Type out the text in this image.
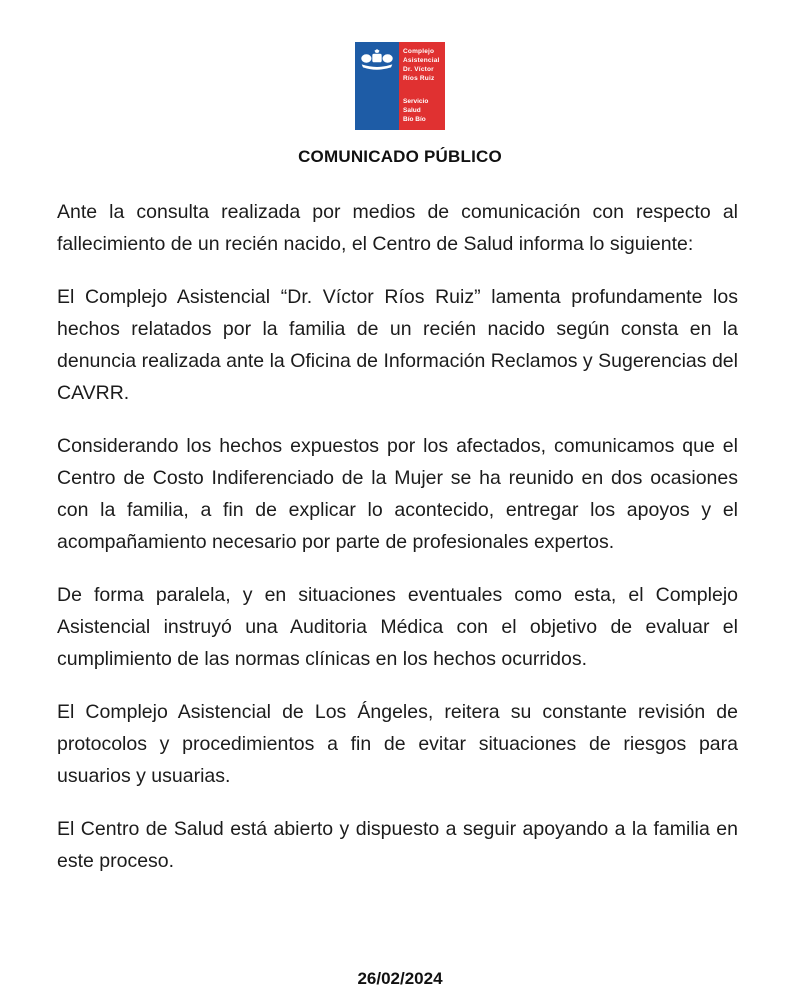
Complejo
Asistencial
Dr. Víctor
Ríos Ruiz
Servicio Salud
Bío Bío
COMUNICADO PÚBLICO

Ante la consulta realizada por medios de comunicación con respecto al fallecimiento de un recién nacido, el Centro de Salud informa lo siguiente:

El Complejo Asistencial “Dr. Víctor Ríos Ruiz” lamenta profundamente los hechos relatados por la familia de un recién nacido según consta en la denuncia realizada ante la Oficina de Información Reclamos y Sugerencias del CAVRR.

Considerando los hechos expuestos por los afectados, comunicamos que el Centro de Costo Indiferenciado de la Mujer se ha reunido en dos ocasiones con la familia, a fin de explicar lo acontecido, entregar los apoyos y el acompañamiento necesario por parte de profesionales expertos.

De forma paralela, y en situaciones eventuales como esta, el Complejo Asistencial instruyó una Auditoria Médica con el objetivo de evaluar el cumplimiento de las normas clínicas en los hechos ocurridos.

El Complejo Asistencial de Los Ángeles, reitera su constante revisión de protocolos y procedimientos a fin de evitar situaciones de riesgos para usuarios y usuarias.

El Centro de Salud está abierto y dispuesto a seguir apoyando a la familia en este proceso.

26/02/2024
